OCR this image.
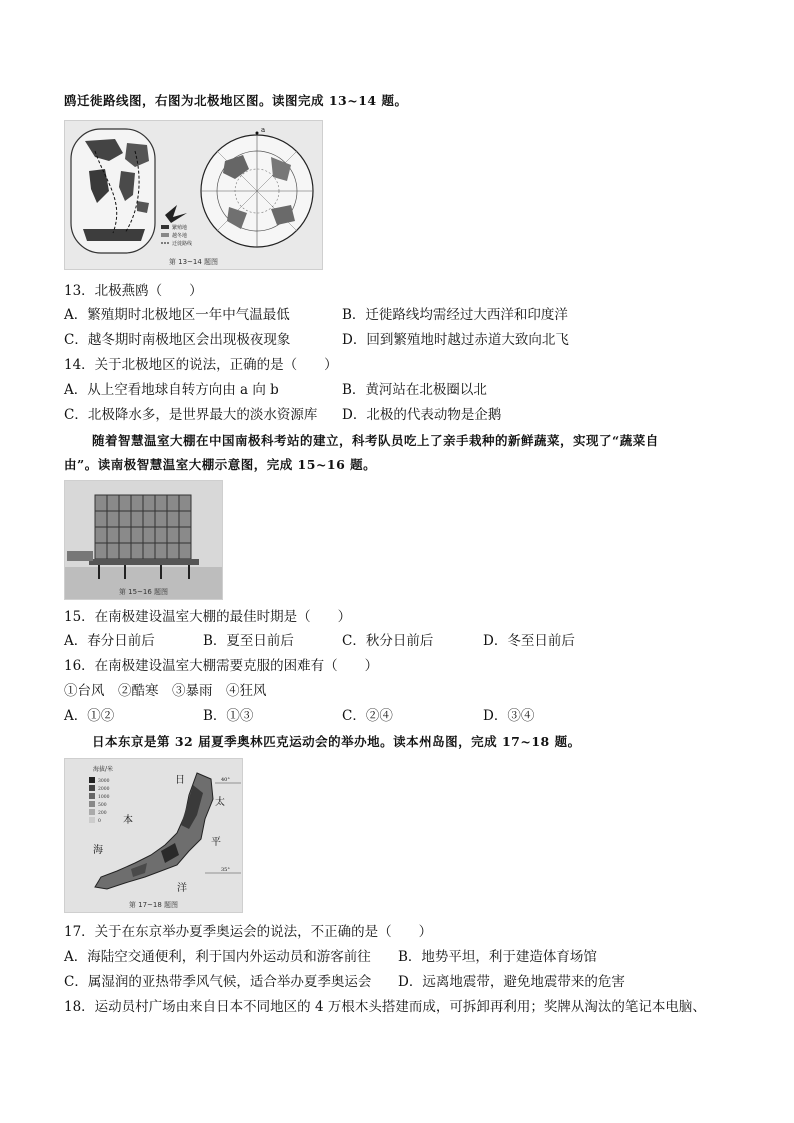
鸥迁徙路线图，右图为北极地区图。读图完成 13~14 题。
繁殖地
越冬地
迁徙路线
a
第 13~14 题图
13．北极燕鸥（　　）
A．繁殖期时北极地区一年中气温最低	B．迁徙路线均需经过大西洋和印度洋
C．越冬期时南极地区会出现极夜现象	D．回到繁殖地时越过赤道大致向北飞
14．关于北极地区的说法，正确的是（　　）
A．从上空看地球自转方向由 a 向 b	B．黄河站在北极圈以北
C．北极降水多，是世界最大的淡水资源库 D．北极的代表动物是企鹅
随着智慧温室大棚在中国南极科考站的建立，科考队员吃上了亲手栽种的新鲜蔬菜，实现了“蔬菜自
由”。读南极智慧温室大棚示意图，完成 15~16 题。
第 15~16 题图
15．在南极建设温室大棚的最佳时期是（　　）
A．春分日前后	B．夏至日前后	C．秋分日前后	D．冬至日前后
16．在南极建设温室大棚需要克服的困难有（　　）
①台风　②酷寒　③暴雨　④狂风
A．①②	B．①③	C．②④	D．③④
日本东京是第 32 届夏季奥林匹克运动会的举办地。读本州岛图，完成 17~18 题。
海拔/米
3000
2000
1000
500
200
0
40°
35°
日
本
海
太
平
洋
第 17~18 题图
17．关于在东京举办夏季奥运会的说法，不正确的是（　　）
A．海陆空交通便利，利于国内外运动员和游客前往 B．地势平坦，利于建造体育场馆
C．属湿润的亚热带季风气候，适合举办夏季奥运会 D．远离地震带，避免地震带来的危害
18．运动员村广场由来自日本不同地区的 4 万根木头搭建而成，可拆卸再利用；奖牌从淘汰的笔记本电脑、
